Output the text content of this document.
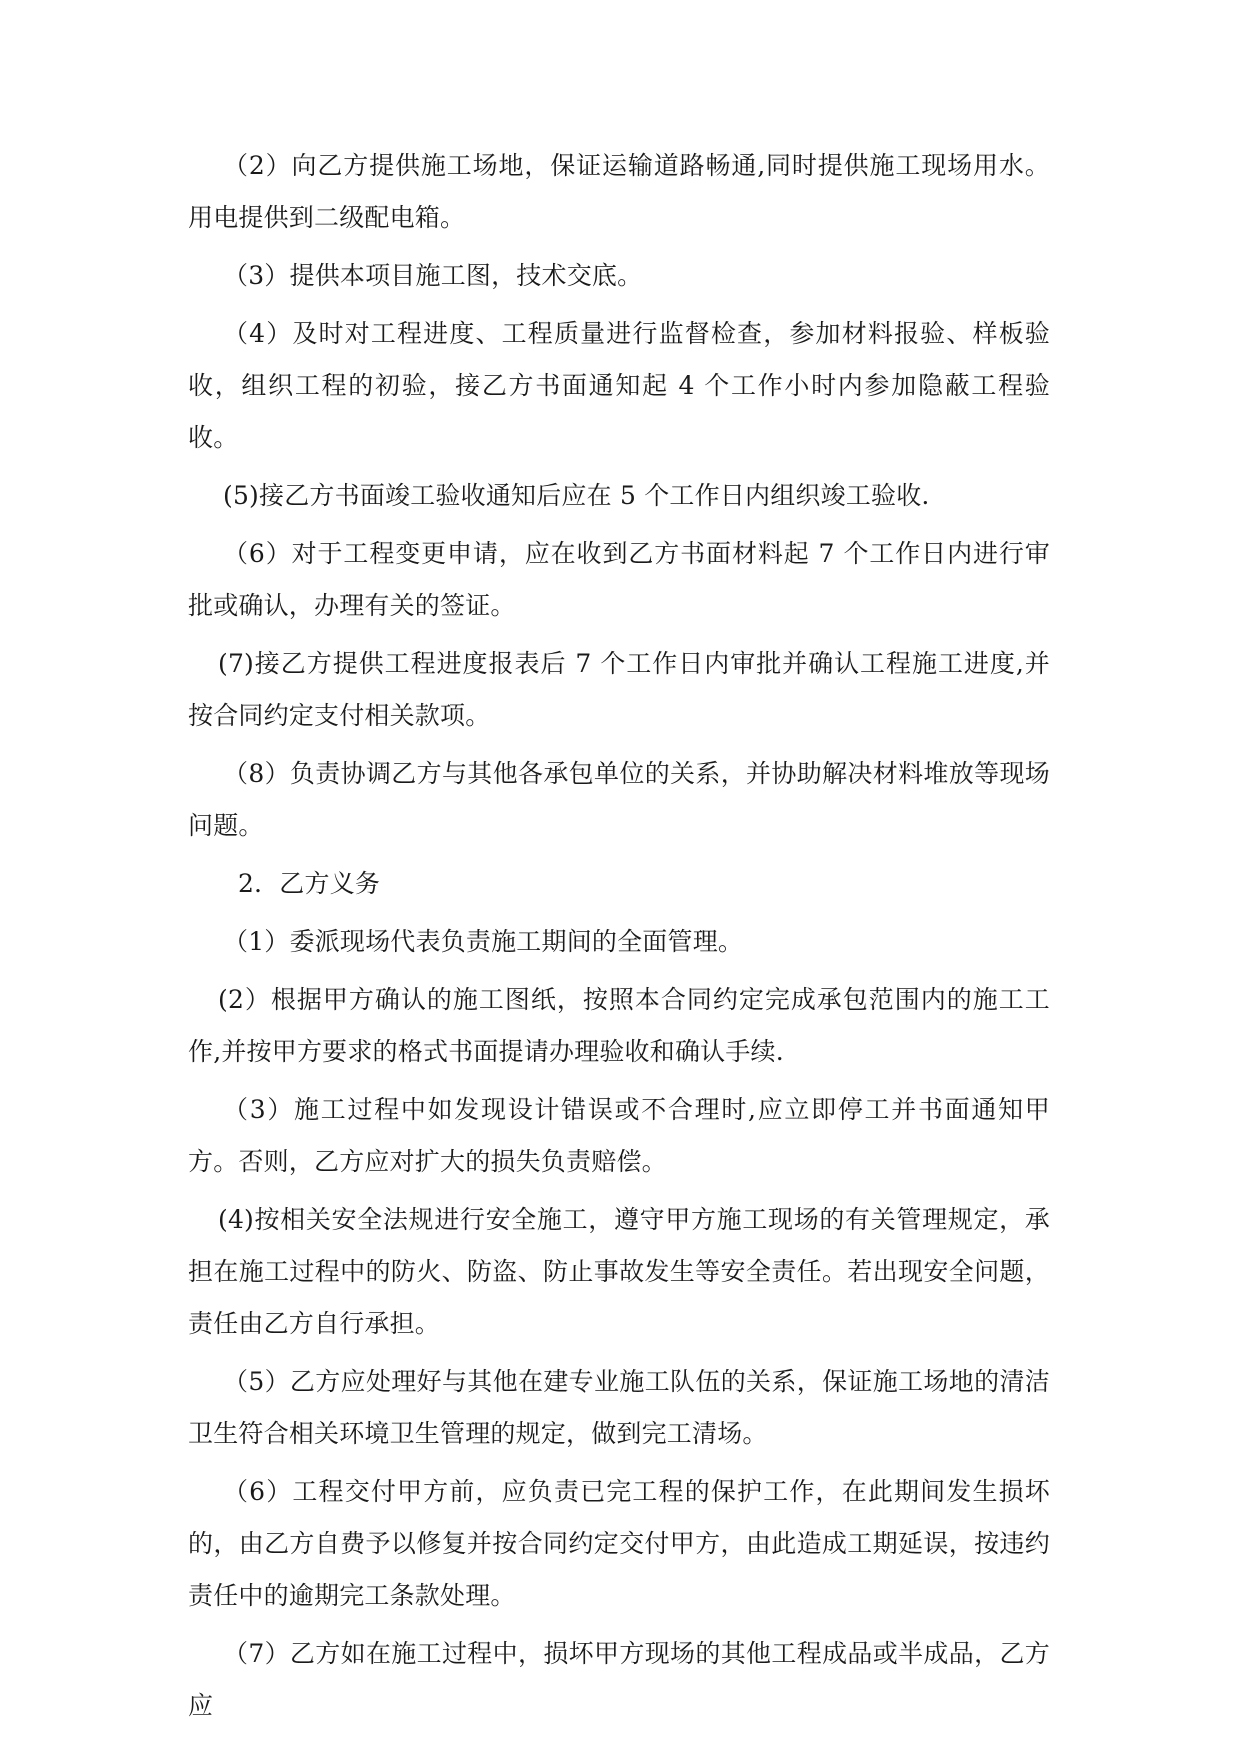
（2）向乙方提供施工场地，保证运输道路畅通,同时提供施工现场用水。用电提供到二级配电箱。

（3）提供本项目施工图，技术交底。

（4）及时对工程进度、工程质量进行监督检查，参加材料报验、样板验收，组织工程的初验，接乙方书面通知起 4 个工作小时内参加隐蔽工程验收。

(5)接乙方书面竣工验收通知后应在 5 个工作日内组织竣工验收.

（6）对于工程变更申请，应在收到乙方书面材料起 7 个工作日内进行审批或确认，办理有关的签证。

(7)接乙方提供工程进度报表后 7 个工作日内审批并确认工程施工进度,并按合同约定支付相关款项。

（8）负责协调乙方与其他各承包单位的关系，并协助解决材料堆放等现场问题。

2．乙方义务

（1）委派现场代表负责施工期间的全面管理。

(2）根据甲方确认的施工图纸，按照本合同约定完成承包范围内的施工工作,并按甲方要求的格式书面提请办理验收和确认手续.

（3）施工过程中如发现设计错误或不合理时,应立即停工并书面通知甲方。否则，乙方应对扩大的损失负责赔偿。

(4)按相关安全法规进行安全施工，遵守甲方施工现场的有关管理规定，承担在施工过程中的防火、防盗、防止事故发生等安全责任。若出现安全问题，责任由乙方自行承担。

（5）乙方应处理好与其他在建专业施工队伍的关系，保证施工场地的清洁卫生符合相关环境卫生管理的规定，做到完工清场。

（6）工程交付甲方前，应负责已完工程的保护工作，在此期间发生损坏的，由乙方自费予以修复并按合同约定交付甲方，由此造成工期延误，按违约责任中的逾期完工条款处理。

（7）乙方如在施工过程中，损坏甲方现场的其他工程成品或半成品，乙方应
